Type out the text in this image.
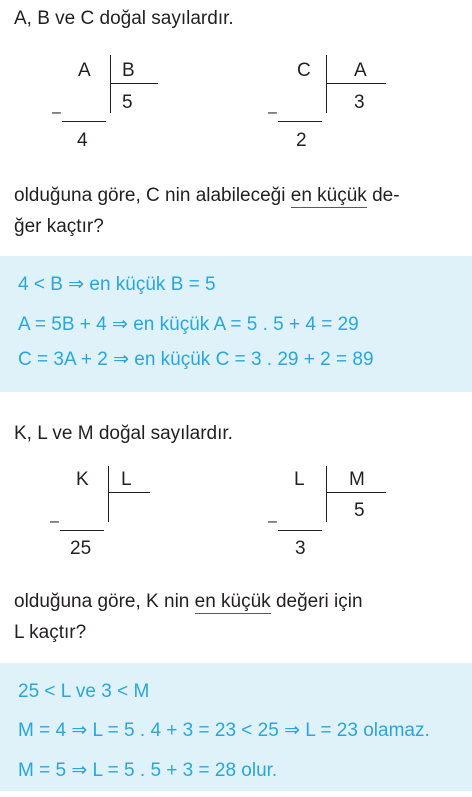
A, B ve C doğal sayılardır.
A B
5
–
4
C A
3
–
2
olduğuna göre, C nin alabileceği en küçük de-
ğer kaçtır?
4 < B ⇒ en küçük B = 5
A = 5B + 4 ⇒ en küçük A = 5 . 5 + 4 = 29
C = 3A + 2 ⇒ en küçük C = 3 . 29 + 2 = 89
K, L ve M doğal sayılardır.
K L
–
25
L M
5
–
3
olduğuna göre, K nin en küçük değeri için
L kaçtır?
25 < L ve 3 < M
M = 4 ⇒ L = 5 . 4 + 3 = 23 < 25 ⇒ L = 23 olamaz.
M = 5 ⇒ L = 5 . 5 + 3 = 28 olur.
